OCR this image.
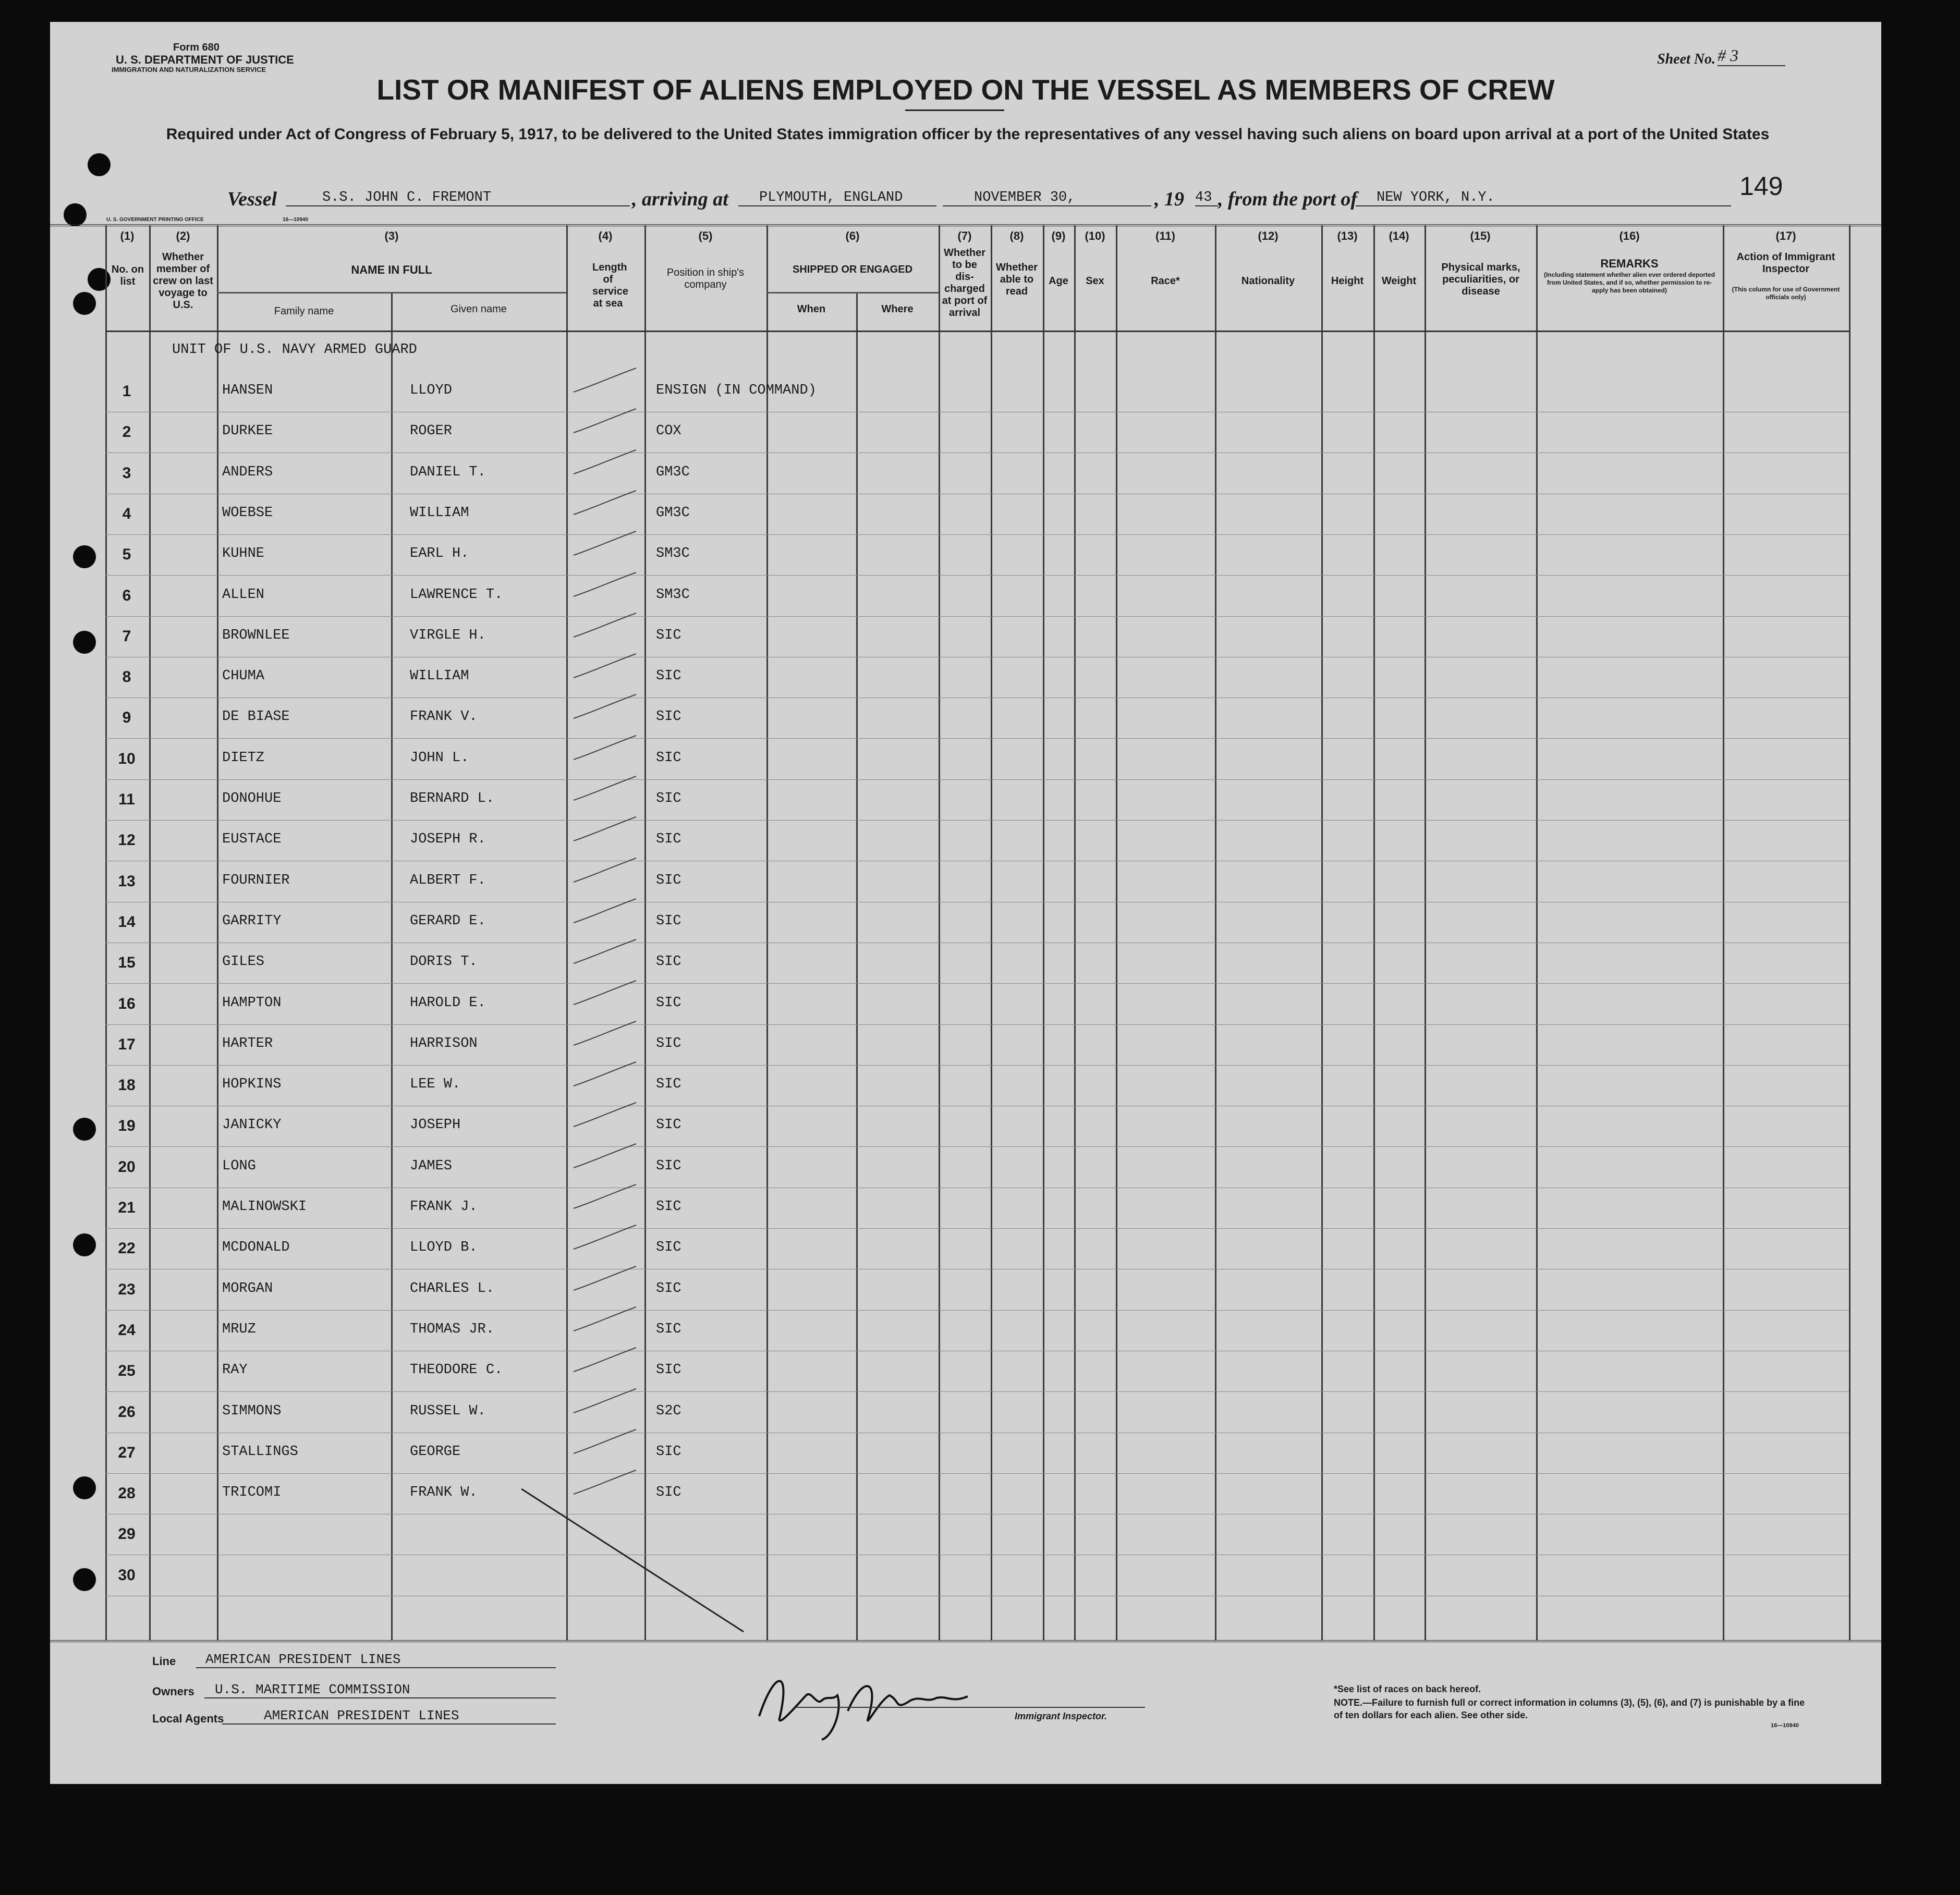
Form 680
U. S. DEPARTMENT OF JUSTICE
IMMIGRATION AND NATURALIZATION SERVICE
Sheet No. # 3
149
LIST OR MANIFEST OF ALIENS EMPLOYED ON THE VESSEL AS MEMBERS OF CREW
Required under Act of Congress of February 5, 1917, to be delivered to the United States immigration officer by the representatives of any vessel having such aliens on board upon arrival at a port of the United States
Vessel	S.S. JOHN C. FREMONT	, arriving at	PLYMOUTH, ENGLAND	NOVEMBER 30,	, 19 43 , from the port of	NEW YORK, N.Y.
U. S. GOVERNMENT PRINTING OFFICE	16—10940
(1)	(2)	(3)	(4)	(5)	(6)	(7)	(8)	(9)	(10)	(11)	(12)	(13)	(14)	(15)	(16)	(17)
No. on list
Whether member of crew on last voyage to U.S.
NAME IN FULL
Family name	Given name
Length of service at sea
Position in ship's company
SHIPPED OR ENGAGED
When	Where
Whether to be dis-charged at port of arrival
Whether able to read
Age	Sex	Race*	Nationality	Height	Weight
Physical marks, peculiarities, or disease
REMARKS
(Including statement whether alien ever ordered deported from United States, and if so, whether permission to re-apply has been obtained)
Action of Immigrant Inspector
(This column for use of Government officials only)
UNIT OF U.S. NAVY ARMED GUARD
1	HANSEN	LLOYD	ENSIGN (IN COMMAND)
2	DURKEE	ROGER	COX
3	ANDERS	DANIEL T.	GM3C
4	WOEBSE	WILLIAM	GM3C
5	KUHNE	EARL H.	SM3C
6	ALLEN	LAWRENCE T.	SM3C
7	BROWNLEE	VIRGLE H.	SIC
8	CHUMA	WILLIAM	SIC
9	DE BIASE	FRANK V.	SIC
10	DIETZ	JOHN L.	SIC
11	DONOHUE	BERNARD L.	SIC
12	EUSTACE	JOSEPH R.	SIC
13	FOURNIER	ALBERT F.	SIC
14	GARRITY	GERARD E.	SIC
15	GILES	DORIS T.	SIC
16	HAMPTON	HAROLD E.	SIC
17	HARTER	HARRISON	SIC
18	HOPKINS	LEE W.	SIC
19	JANICKY	JOSEPH	SIC
20	LONG	JAMES	SIC
21	MALINOWSKI	FRANK J.	SIC
22	MCDONALD	LLOYD B.	SIC
23	MORGAN	CHARLES L.	SIC
24	MRUZ	THOMAS JR.	SIC
25	RAY	THEODORE C.	SIC
26	SIMMONS	RUSSEL W.	S2C
27	STALLINGS	GEORGE	SIC
28	TRICOMI	FRANK W.	SIC
29
30
Line	AMERICAN PRESIDENT LINES
Owners	U.S. MARITIME COMMISSION
Local Agents	AMERICAN PRESIDENT LINES	Immigrant Inspector.
*See list of races on back hereof.
NOTE.—Failure to furnish full or correct information in columns (3), (5), (6), and (7) is punishable by a fine of ten dollars for each alien. See other side.
16—10940
